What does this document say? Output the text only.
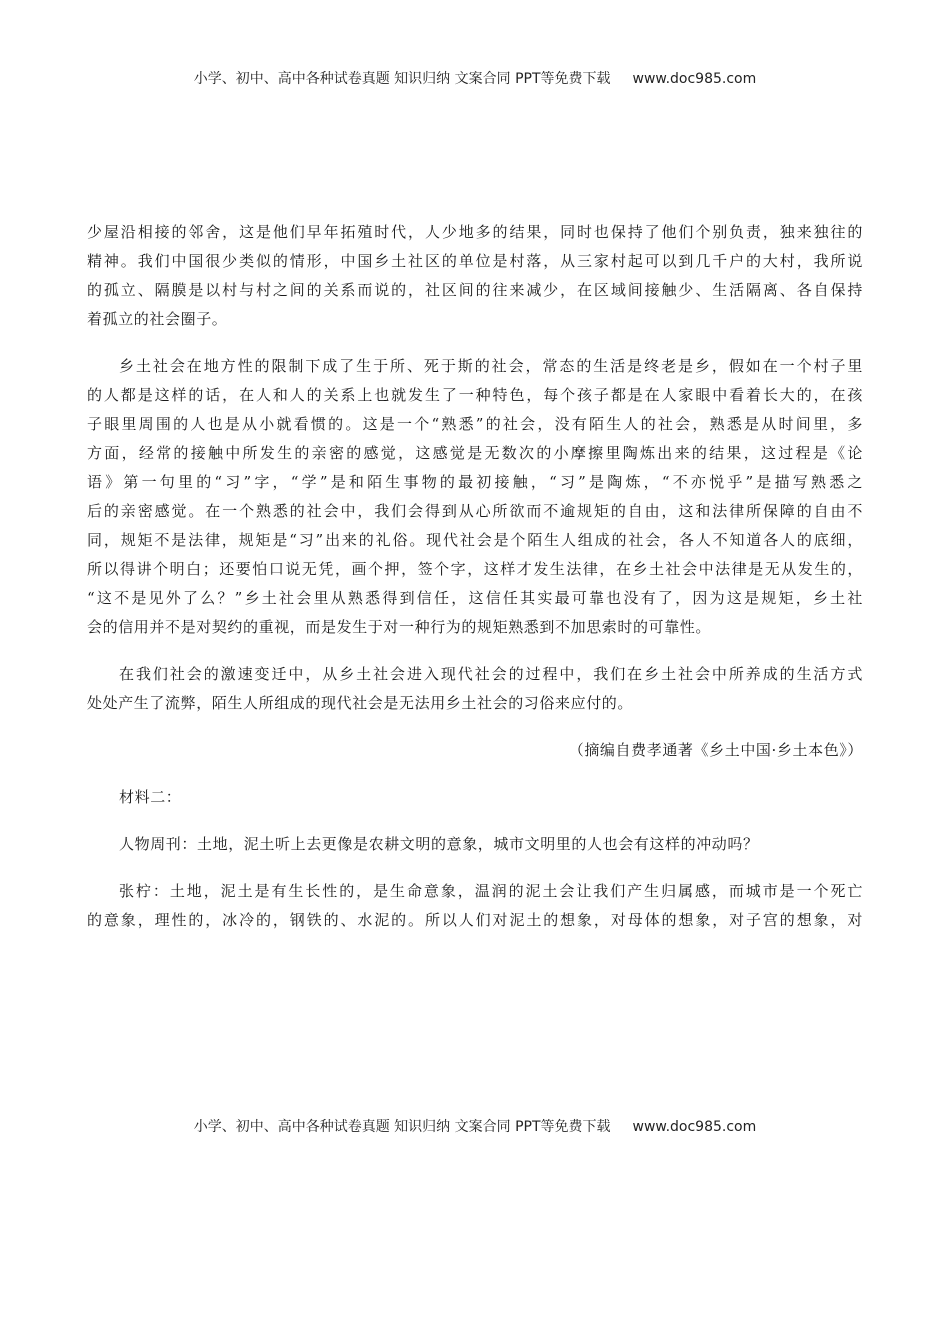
小学、初中、高中各种试卷真题 知识归纳 文案合同 PPT等免费下载 www.doc985.com
少屋沿相接的邻舍，这是他们早年拓殖时代，人少地多的结果，同时也保持了他们个别负责，独来独往的
精神。我们中国很少类似的情形，中国乡土社区的单位是村落，从三家村起可以到几千户的大村，我所说
的孤立、隔膜是以村与村之间的关系而说的，社区间的往来减少，在区域间接触少、生活隔离、各自保持
着孤立的社会圈子。
乡土社会在地方性的限制下成了生于所、死于斯的社会，常态的生活是终老是乡，假如在一个村子里
的人都是这样的话，在人和人的关系上也就发生了一种特色，每个孩子都是在人家眼中看着长大的，在孩
子眼里周围的人也是从小就看惯的。这是一个“熟悉”的社会，没有陌生人的社会，熟悉是从时间里，多
方面，经常的接触中所发生的亲密的感觉，这感觉是无数次的小摩擦里陶炼出来的结果，这过程是《论
语》第一句里的“习”字，“学”是和陌生事物的最初接触，“习”是陶炼，“不亦悦乎”是描写熟悉之
后的亲密感觉。在一个熟悉的社会中，我们会得到从心所欲而不逾规矩的自由，这和法律所保障的自由不
同，规矩不是法律，规矩是“习”出来的礼俗。现代社会是个陌生人组成的社会，各人不知道各人的底细，
所以得讲个明白；还要怕口说无凭，画个押，签个字，这样才发生法律，在乡土社会中法律是无从发生的，
“这不是见外了么？”乡土社会里从熟悉得到信任，这信任其实最可靠也没有了，因为这是规矩，乡土社
会的信用并不是对契约的重视，而是发生于对一种行为的规矩熟悉到不加思索时的可靠性。
在我们社会的激速变迁中，从乡土社会进入现代社会的过程中，我们在乡土社会中所养成的生活方式
处处产生了流弊，陌生人所组成的现代社会是无法用乡土社会的习俗来应付的。
（摘编自费孝通著《乡土中国·乡土本色》）
材料二：
人物周刊：土地，泥土听上去更像是农耕文明的意象，城市文明里的人也会有这样的冲动吗？
张柠：土地，泥土是有生长性的，是生命意象，温润的泥土会让我们产生归属感，而城市是一个死亡
的意象，理性的，冰冷的，钢铁的、水泥的。所以人们对泥土的想象，对母体的想象，对子宫的想象，对
小学、初中、高中各种试卷真题 知识归纳 文案合同 PPT等免费下载 www.doc985.com
